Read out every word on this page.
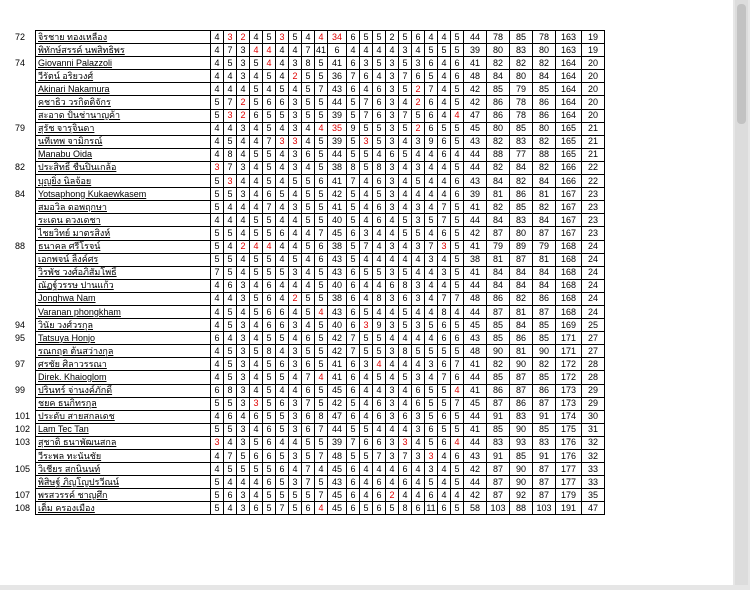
72	จิรชาย ทองเหลือง	4	3	2	4	5	3	5	4	4	34	6	5	5	2	5	6	4	4	5	44	78	85	78	163	19
	พิทักษ์สรรค์ นพสิทธิพร	4	7	3	4	4	4	4	7	41	6	4	4	4	4	3	4	5	5	5	39	80	83	80	163	19
74	Giovanni Palazzoli	4	5	3	5	4	4	3	8	5	41	6	3	5	3	5	3	6	4	6	41	82	82	82	164	20
	วีรัตน์ อริยวงศ์	4	4	3	4	5	4	2	5	5	36	7	6	4	3	7	6	5	4	6	48	84	80	84	164	20
	Akinari Nakamura	4	4	4	5	4	5	4	5	7	43	6	4	6	3	5	2	7	4	5	42	85	79	85	164	20
	คชาธิว วรกิตติจักร	5	7	2	5	6	6	3	5	5	44	5	7	6	3	4	2	6	4	5	42	86	78	86	164	20
	สะอาด ปั้นช่านาญค้า	5	3	2	6	5	5	3	5	5	39	5	7	6	3	7	5	6	4	4	47	86	78	86	164	20
79	สุรัช จารุจินดา	4	4	3	4	5	4	3	4	4	35	9	5	5	3	5	2	6	5	5	45	80	85	80	165	21
	นทีเทพ จามิกรณ์	4	5	4	4	7	3	3	4	5	39	5	3	5	3	4	3	9	6	5	43	82	83	82	165	21
	Manabu Oida	4	8	4	5	5	4	3	6	5	44	5	5	4	6	5	4	4	6	4	44	88	77	88	165	21
82	ประสิทธิ์ ชื่นปิ่นเกล้อ	3	7	3	4	5	4	3	4	5	38	8	5	8	3	4	3	4	4	5	44	82	84	82	166	22
	บุญยิ่ง นิลจ้อย	5	3	4	4	5	4	5	5	6	41	7	4	6	3	4	5	4	4	6	43	84	82	84	166	22
84	Yotsaphong Kukaewkasem	5	5	3	4	6	5	4	5	5	42	5	4	5	3	4	4	4	4	6	39	81	86	81	167	23
	สมอวิล ดอพฤกษา	5	4	4	4	7	4	3	5	5	41	5	4	6	3	4	3	4	7	5	41	82	85	82	167	23
	ระเดน ดวงเดชา	4	4	4	5	5	4	4	5	5	40	5	4	6	4	5	3	5	7	5	44	84	83	84	167	23
	ไชยวิทย์ มาตรสิงห์	5	5	4	5	5	6	4	4	7	45	6	3	4	4	5	5	4	6	5	42	87	80	87	167	23
88	ธนาคล ศรีโรจน์	5	4	2	4	4	4	4	5	6	38	5	7	4	3	4	3	7	3	5	41	79	89	79	168	24
	เอกพจน์ ลิ้งค์ศร	5	5	4	5	5	4	5	4	6	43	5	4	4	4	4	4	3	4	5	38	81	87	81	168	24
	วิรพัช วงศ์อภิสัมโพธิ์	7	5	4	5	5	5	3	4	5	43	6	5	5	3	5	4	4	3	5	41	84	84	84	168	24
	ณัฏฐ์วรรษ ปานแก้ว	4	6	3	4	6	4	4	4	5	40	6	4	4	6	8	3	4	4	5	44	84	84	84	168	24
	Jonghwa Nam	4	4	3	5	6	4	2	5	5	38	6	4	8	3	6	3	4	7	7	48	86	82	86	168	24
	Varanan phongkham	4	5	4	5	6	6	4	5	4	43	6	5	4	4	5	4	4	8	4	44	87	81	87	168	24
94	วินัย วงศ์วรกุล	4	5	3	4	6	6	3	4	5	40	6	3	9	3	5	3	5	6	5	45	85	84	85	169	25
95	Tatsuya Honjo	6	4	3	4	5	5	4	6	5	42	7	5	5	4	4	4	4	6	6	43	85	86	85	171	27
	รณกฤต ต้นสว่างกุล	4	5	3	5	8	4	3	5	5	42	7	5	5	3	8	5	5	5	5	48	90	81	90	171	27
97	ศรชัย ศิลาวรรณา	4	5	3	4	5	6	3	6	5	41	6	3	4	4	4	4	3	6	7	41	82	90	82	172	28
	Direk. Khaioglom	4	5	3	4	5	5	4	7	4	41	6	4	5	4	5	3	4	7	6	44	85	87	85	172	28
99	ปรินทร์ จ่านงค์ภักดิ์	6	8	3	4	5	4	4	6	5	45	6	4	4	3	4	6	5	5	4	41	86	87	86	173	29
	ชยค ธนกิทรกุล	5	5	3	3	5	6	3	7	5	42	5	4	6	3	4	6	5	5	7	45	87	86	87	173	29
101	ประดับ สายสกลเดช	4	6	4	6	5	5	3	6	8	47	6	4	6	3	6	3	5	6	5	44	91	83	91	174	30
102	Lam Tec Tan	5	5	3	4	6	5	3	6	7	44	5	5	4	4	4	3	6	5	5	41	85	90	85	175	31
103	สุชาติ ธนาพัฒนสกล	3	4	3	5	6	4	4	5	5	39	7	6	6	3	3	4	5	6	4	44	83	93	83	176	32
	วีระพล ทะนันชัย	4	7	5	6	6	5	3	5	7	48	5	5	7	3	7	3	3	4	6	43	91	85	91	176	32
105	วิเชียร สกนินนท์	4	5	5	5	5	6	4	7	4	45	6	4	4	4	6	4	3	4	5	42	87	90	87	177	33
	พิสิษฐ์ ภิญโญปรวีณน์	5	4	4	4	6	5	3	7	5	43	6	4	6	4	6	4	5	4	5	44	87	90	87	177	33
107	พรสวรรค์ ชาญศึก	5	6	3	4	5	5	5	5	7	45	6	4	6	2	4	4	6	4	4	42	87	92	87	179	35
108	เต็ม ครองเมือง	5	4	3	6	5	7	5	6	4	45	6	5	6	5	8	6	11	6	5	58	103	88	103	191	47
